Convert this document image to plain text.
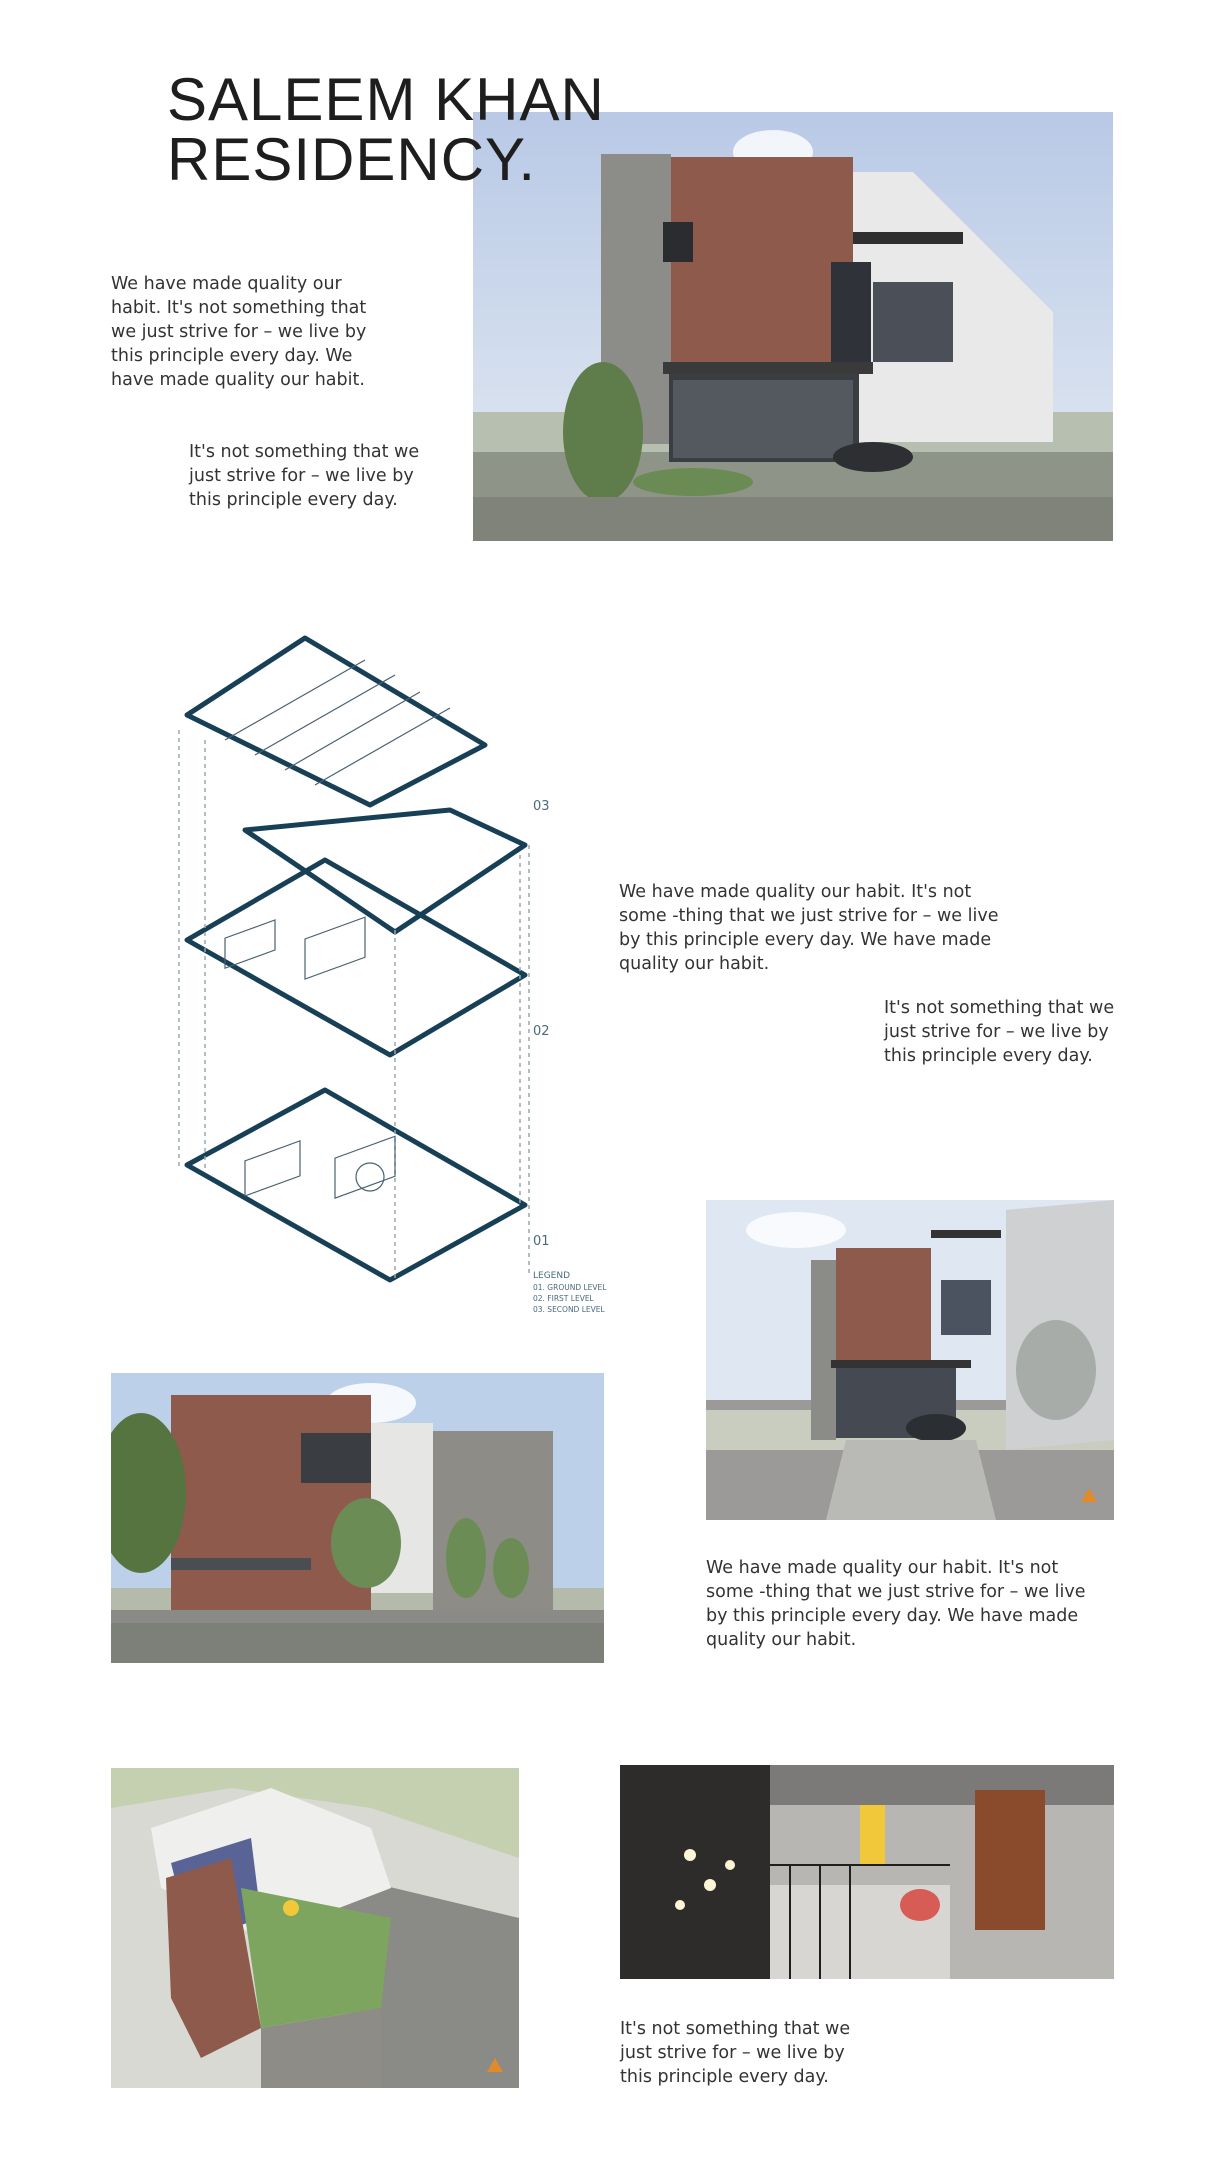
SALEEM KHAN
RESIDENCY.

We have made quality our habit. It's not something that we just strive for – we live by this principle every day. We have made quality our habit.

It's not something that we just strive for – we live by this principle every day.

03
02
01
LEGEND
01. GROUND LEVEL
02. FIRST LEVEL
03. SECOND LEVEL

We have made quality our habit. It's not some -thing that we just strive for – we live by this principle every day. We have made quality our habit.

It's not something that we just strive for – we live by this principle every day.

We have made quality our habit. It's not some -thing that we just strive for – we live by this principle every day. We have made quality our habit.

It's not something that we just strive for – we live by this principle every day.
